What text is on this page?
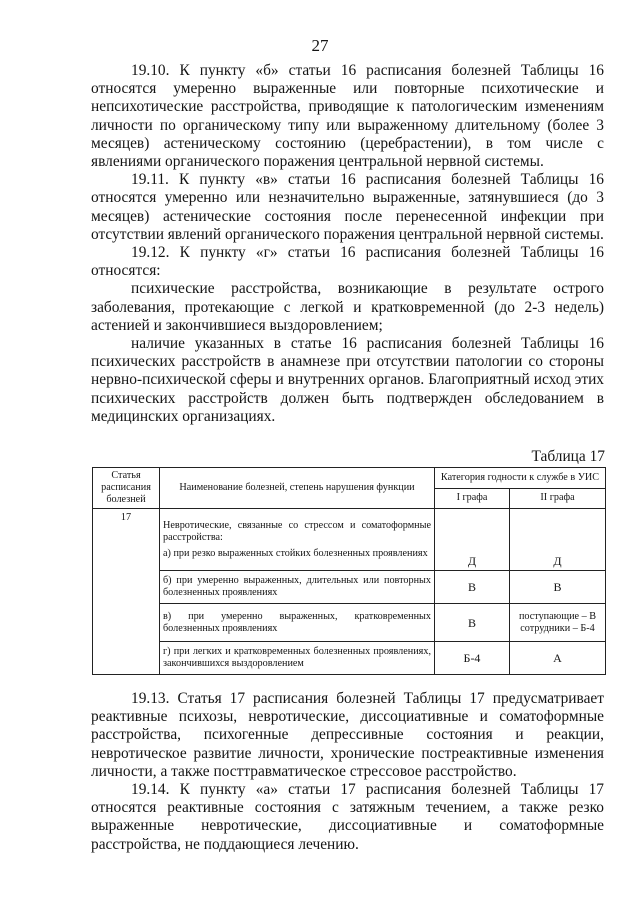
27

19.10. К пункту «б» статьи 16 расписания болезней Таблицы 16 относятся умеренно выраженные или повторные психотические и непсихотические расстройства, приводящие к патологическим изменениям личности по органическому типу или выраженному длительному (более 3 месяцев) астеническому состоянию (церебрастении), в том числе с явлениями органического поражения центральной нервной системы.

19.11. К пункту «в» статьи 16 расписания болезней Таблицы 16 относятся умеренно или незначительно выраженные, затянувшиеся (до 3 месяцев) астенические состояния после перенесенной инфекции при отсутствии явлений органического поражения центральной нервной системы.

19.12. К пункту «г» статьи 16 расписания болезней Таблицы 16 относятся:

психические расстройства, возникающие в результате острого заболевания, протекающие с легкой и кратковременной (до 2-3 недель) астенией и закончившиеся выздоровлением;

наличие указанных в статье 16 расписания болезней Таблицы 16 психических расстройств в анамнезе при отсутствии патологии со стороны нервно-психической сферы и внутренних органов. Благоприятный исход этих психических расстройств должен быть подтвержден обследованием в медицинских организациях.

Таблица 17
Статья расписания болезней	Наименование болезней, степень нарушения функции	Категория годности к службе в УИС	
		I графа	II графа
17	Невротические, связанные со стрессом и соматоформные расстройства:
а) при резко выраженных стойких болезненных проявлениях	Д	Д
	б) при умеренно выраженных, длительных или повторных болезненных проявлениях	В	В
	в) при умеренно выраженных, кратковременных болезненных проявлениях	В	поступающие – В
сотрудники – Б-4

	г) при легких и кратковременных болезненных проявлениях, закончившихся выздоровлением	Б-4	А

19.13. Статья 17 расписания болезней Таблицы 17 предусматривает реактивные психозы, невротические, диссоциативные и соматоформные расстройства, психогенные депрессивные состояния и реакции, невротическое развитие личности, хронические постреактивные изменения личности, а также посттравматическое стрессовое расстройство.

19.14. К пункту «а» статьи 17 расписания болезней Таблицы 17 относятся реактивные состояния с затяжным течением, а также резко выраженные невротические, диссоциативные и соматоформные расстройства, не поддающиеся лечению.
